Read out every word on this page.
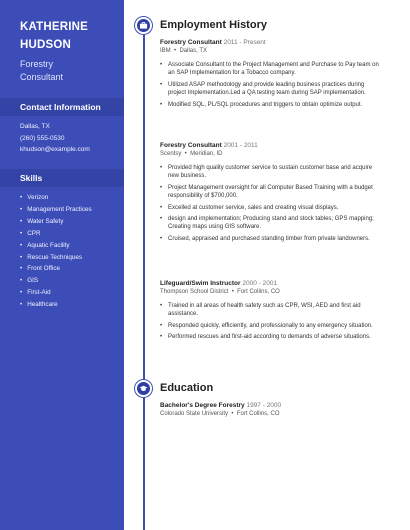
KATHERINE
HUDSON
Forestry
Consultant
Contact Information
Dallas, TX
(260) 555-0530
khudson@example.com
Skills
• Verizon
• Management Practices
• Water Safety
• CPR
• Aquatic Facility
• Rescue Techniques
• Front Office
• GIS
• First-Aid
• Healthcare
Employment History
Forestry Consultant 2011 - Present
IBM  •  Dallas, TX
• Associate Consultant to the Project Management and Purchase to Pay team on an SAP Implementation for a Tobacco company.
• Utilized ASAP methodology and provide leading business practices during project Implementation.Led a QA testing team during SAP implementation.
• Modified SQL, PL/SQL procedures and triggers to obtain optimize output.
Forestry Consultant 2001 - 2011
Scentsy  •  Meridian, ID
• Provided high quality customer service to sustain customer base and acquire new business.
• Project Management oversight for all Computer Based Training with a budget responsibility of $700,000.
• Excelled at customer service, sales and creating visual displays.
• design and implementation; Producing stand and stock tables; GPS mapping; Creating maps using GIS software.
• Cruised, appraised and purchased standing timber from private landowners.
Lifeguard/Swim Instructor 2000 - 2001
Thompson School District  •  Fort Collins, CO
• Trained in all areas of health safety such as CPR, WSI, AED and first aid assistance.
• Responded quickly, efficiently, and professionally to any emergency situation.
• Performed rescues and first-aid according to demands of adverse situations.
Education
Bachelor's Degree Forestry 1997 - 2000
Colorado State University  •  Fort Collins, CO
